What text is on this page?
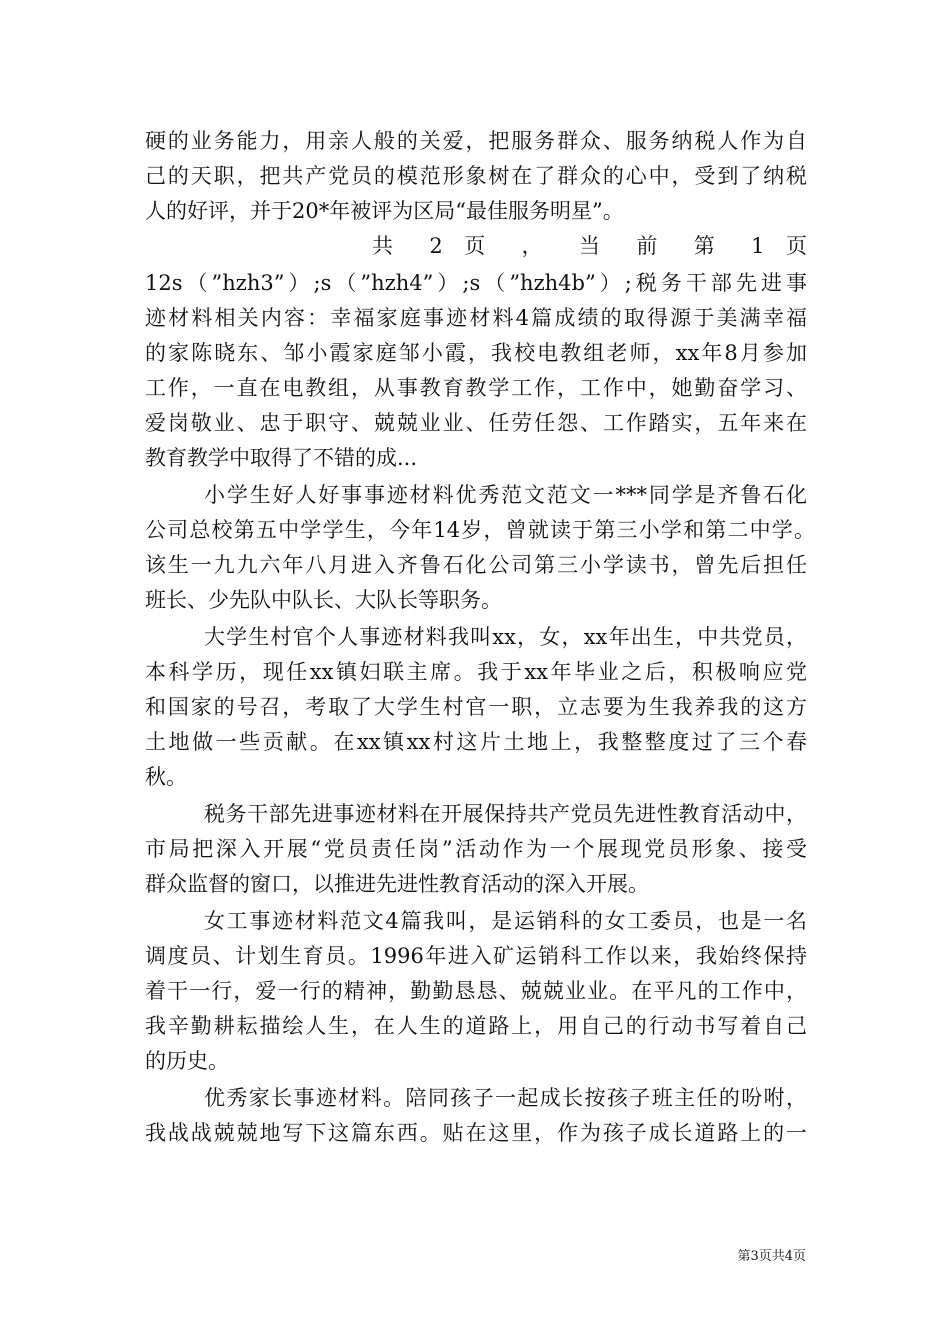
硬的业务能力，用亲人般的关爱，把服务群众、服务纳税人作为自
己的天职，把共产党员的模范形象树在了群众的心中，受到了纳税
人的好评，并于20*年被评为区局“最佳服务明星”。
共 2 页 ， 当 前 第 1 页
12s（”hzh3”）;s（”hzh4”）;s（”hzh4b”）;税务干部先进事
迹材料相关内容：幸福家庭事迹材料4篇成绩的取得源于美满幸福
的家陈晓东、邹小霞家庭邹小霞，我校电教组老师，xx年8月参加
工作，一直在电教组，从事教育教学工作，工作中，她勤奋学习、
爱岗敬业、忠于职守、兢兢业业、任劳任怨、工作踏实，五年来在
教育教学中取得了不错的成...
小学生好人好事事迹材料优秀范文范文一***同学是齐鲁石化
公司总校第五中学学生，今年14岁，曾就读于第三小学和第二中学。
该生一九九六年八月进入齐鲁石化公司第三小学读书，曾先后担任
班长、少先队中队长、大队长等职务。
大学生村官个人事迹材料我叫xx，女，xx年出生，中共党员，
本科学历，现任xx镇妇联主席。我于xx年毕业之后，积极响应党
和国家的号召，考取了大学生村官一职，立志要为生我养我的这方
土地做一些贡献。在xx镇xx村这片土地上，我整整度过了三个春
秋。
税务干部先进事迹材料在开展保持共产党员先进性教育活动中，
市局把深入开展“党员责任岗”活动作为一个展现党员形象、接受
群众监督的窗口，以推进先进性教育活动的深入开展。
女工事迹材料范文4篇我叫，是运销科的女工委员，也是一名
调度员、计划生育员。1996年进入矿运销科工作以来，我始终保持
着干一行，爱一行的精神，勤勤恳恳、兢兢业业。在平凡的工作中，
我辛勤耕耘描绘人生，在人生的道路上，用自己的行动书写着自己
的历史。
优秀家长事迹材料。陪同孩子一起成长按孩子班主任的吩咐，
我战战兢兢地写下这篇东西。贴在这里，作为孩子成长道路上的一
第3页共4页
